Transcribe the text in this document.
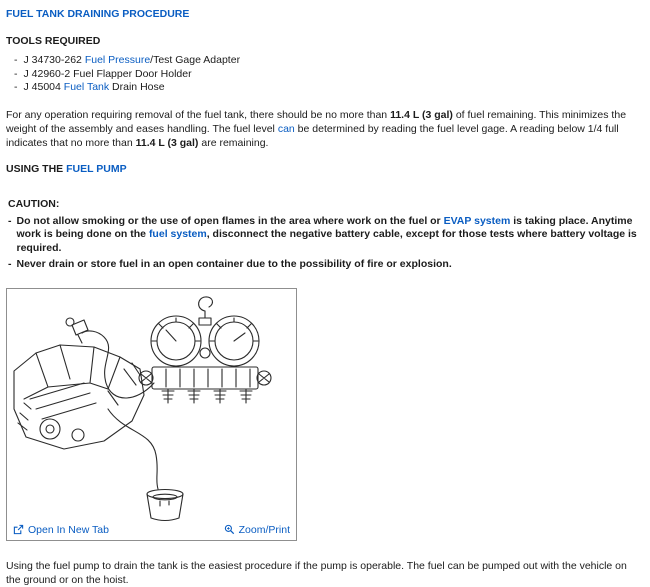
FUEL TANK DRAINING PROCEDURE
TOOLS REQUIRED
- J 34730-262 Fuel Pressure/Test Gage Adapter
- J 42960-2 Fuel Flapper Door Holder
- J 45004 Fuel Tank Drain Hose

For any operation requiring removal of the fuel tank, there should be no more than 11.4 L (3 gal) of fuel remaining. This minimizes the weight of the assembly and eases handling. The fuel level can be determined by reading the fuel level gage. A reading below 1/4 full indicates that no more than 11.4 L (3 gal) are remaining.

USING THE FUEL PUMP
CAUTION:
- Do not allow smoking or the use of open flames in the area where work on the fuel or EVAP system is taking place. Anytime work is being done on the fuel system, disconnect the negative battery cable, except for those tests where battery voltage is required.
- Never drain or store fuel in an open container due to the possibility of fire or explosion.
Open In New Tab	Zoom/Print

Using the fuel pump to drain the tank is the easiest procedure if the pump is operable. The fuel can be pumped out with the vehicle on the ground or on the hoist.
